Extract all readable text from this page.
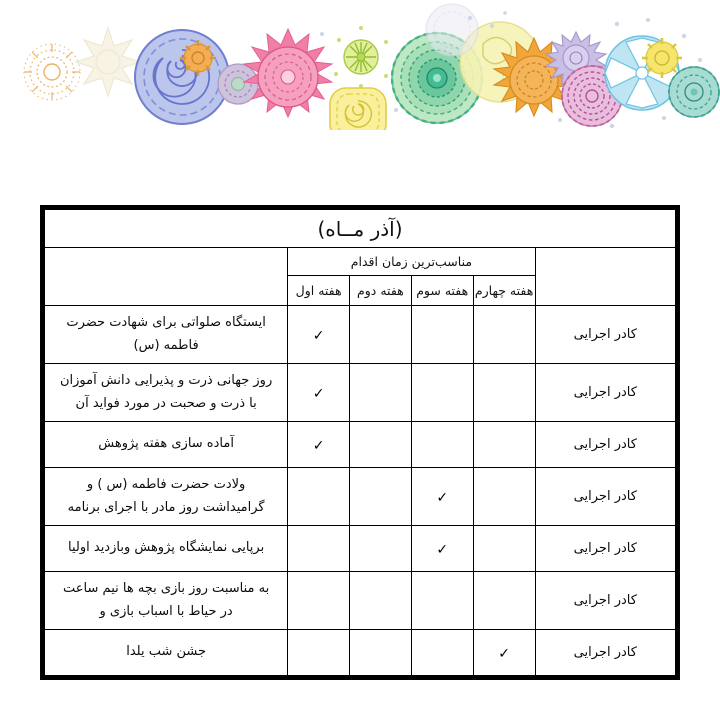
(آذر مــاه)					
	مناسب‌ترین زمان اقدام				
	هفته چهارم	هفته سوم	هفته دوم	هفته اول	
کادر اجرایی				✓	ایستگاه صلواتی برای شهادت حضرت
فاطمه (س)

کادر اجرایی				✓	روز جهانی ذرت و پذیرایی دانش آموزان
با ذرت و صحبت در مورد فواید آن

کادر اجرایی				✓	آماده سازی هفته پژوهش

کادر اجرایی		✓			ولادت حضرت فاطمه (س ) و
گرامیداشت روز مادر با اجرای برنامه

کادر اجرایی		✓			برپایی نمایشگاه پژوهش وبازدید اولیا

کادر اجرایی					به مناسبت روز بازی بچه ها نیم ساعت
در حیاط با اسباب بازی و

کادر اجرایی	✓				جشن شب یلدا
